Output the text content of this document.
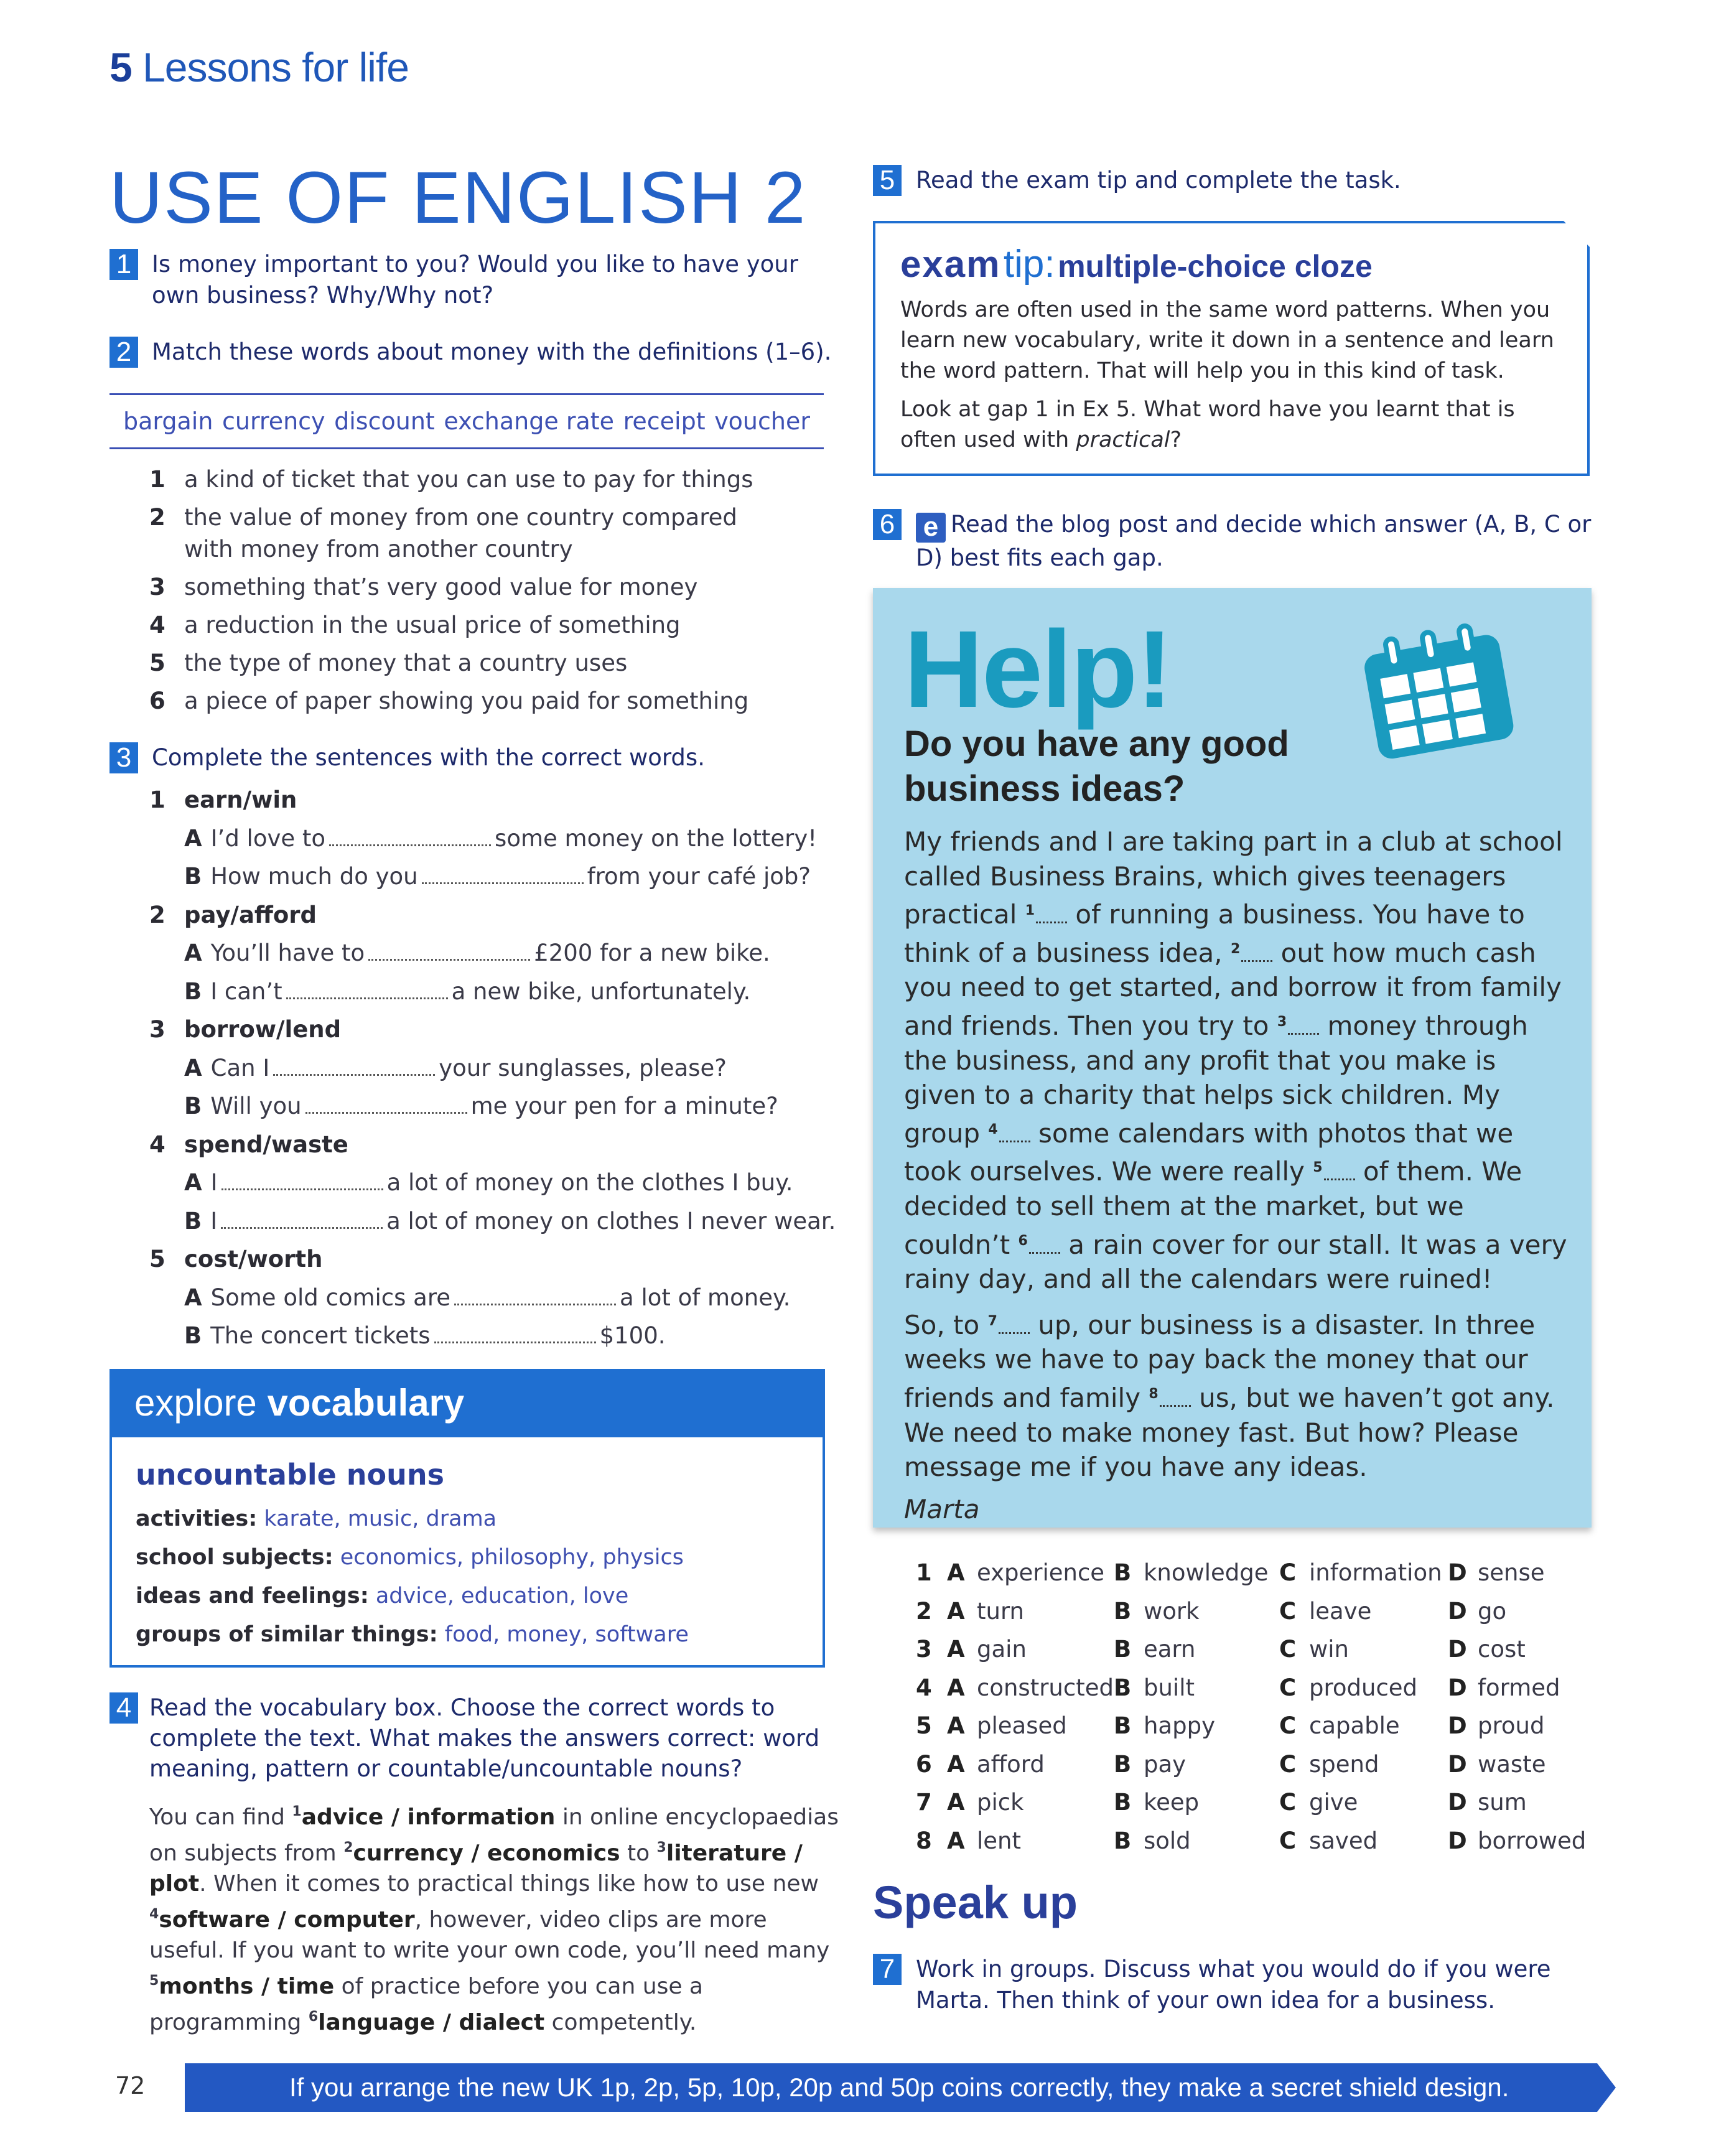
5 Lessons for life
USE OF ENGLISH 2
1 Is money important to you? Would you like to have your own business? Why/Why not?
2 Match these words about money with the definitions (1–6).
bargain currency discount exchange rate receipt voucher
1 a kind of ticket that you can use to pay for things
2 the value of money from one country compared with money from another country
3 something that’s very good value for money
4 a reduction in the usual price of something
5 the type of money that a country uses
6 a piece of paper showing you paid for something
3 Complete the sentences with the correct words.
1 earn/win
A I’d love to	some money on the lottery!
B How much do you	from your café job?
2 pay/afford
A You’ll have to	£200 for a new bike.
B I can’t	a new bike, unfortunately.
3 borrow/lend
A Can I	your sunglasses, please?
B Will you	me your pen for a minute?
4 spend/waste
A I	a lot of money on the clothes I buy.
B I	a lot of money on clothes I never wear.
5 cost/worth
A Some old comics are	a lot of money.
B The concert tickets	$100.
explore vocabulary
uncountable nouns
activities: karate, music, drama
school subjects: economics, philosophy, physics
ideas and feelings: advice, education, love
groups of similar things: food, money, software
4 Read the vocabulary box. Choose the correct words to complete the text. What makes the answers correct: word meaning, pattern or countable/uncountable nouns?
You can find $^1$advice / information in online encyclopaedias on subjects from $^2$currency / economics to $^3$literature / plot. When it comes to practical things like how to use new $^4$software / computer, however, video clips are more useful. If you want to write your own code, you’ll need many $^5$months / time of practice before you can use a programming $^6$language / dialect competently.
5 Read the exam tip and complete the task.
exam tip: multiple-choice cloze
Words are often used in the same word patterns. When you learn new vocabulary, write it down in a sentence and learn the word pattern. That will help you in this kind of task.
Look at gap 1 in Ex 5. What word have you learnt that is often used with practical?
6 e Read the blog post and decide which answer (A, B, C or D) best fits each gap.
Help!
Do you have any good business ideas?

My friends and I are taking part in a club at school called Business Brains, which gives teenagers practical $^1$ of running a business. You have to think of a business idea, $^2$ out how much cash you need to get started, and borrow it from family and friends. Then you try to $^3$ money through the business, and any profit that you make is given to a charity that helps sick children. My group $^4$ some calendars with photos that we took ourselves. We were really $^5$ of them. We decided to sell them at the market, but we couldn’t $^6$ a rain cover for our stall. It was a very rainy day, and all the calendars were ruined!

So, to $^7$ up, our business is a disaster. In three weeks we have to pay back the money that our friends and family $^8$ us, but we haven’t got any. We need to make money fast. But how? Please message me if you have any ideas.

Marta

1	A	experience	B	knowledge	C	information	D	sense
2	A	turn	B	work	C	leave	D	go
3	A	gain	B	earn	C	win	D	cost
4	A	constructed	B	built	C	produced	D	formed
5	A	pleased	B	happy	C	capable	D	proud
6	A	afford	B	pay	C	spend	D	waste
7	A	pick	B	keep	C	give	D	sum
8	A	lent	B	sold	C	saved	D	borrowed
Speak up
7 Work in groups. Discuss what you would do if you were Marta. Then think of your own idea for a business.
72	If you arrange the new UK 1p, 2p, 5p, 10p, 20p and 50p coins correctly, they make a secret shield design.
